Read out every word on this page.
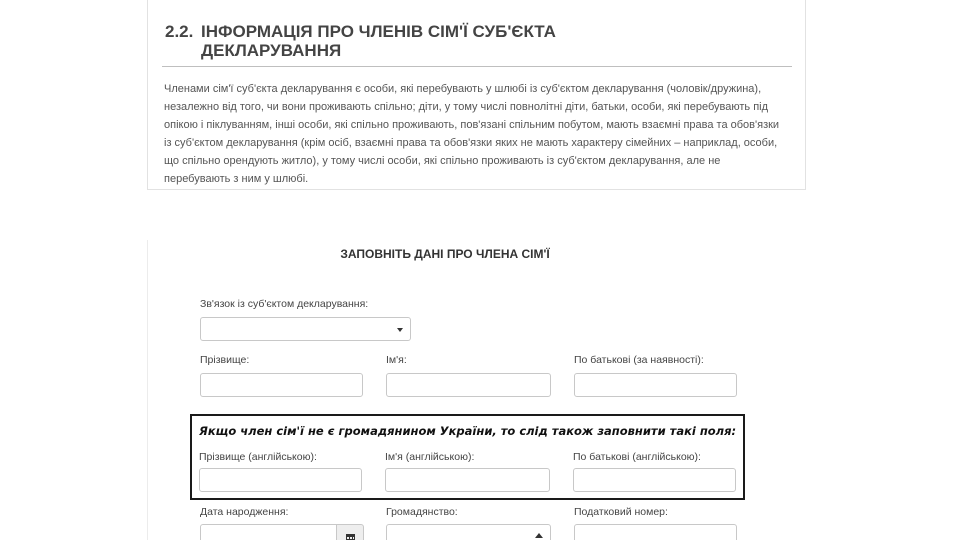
2.2. ІНФОРМАЦІЯ ПРО ЧЛЕНІВ СІМ'Ї СУБ'ЄКТА ДЕКЛАРУВАННЯ

Членами сім'ї суб'єкта декларування є особи, які перебувають у шлюбі із суб'єктом декларування (чоловік/дружина), незалежно від того, чи вони проживають спільно; діти, у тому числі повнолітні діти, батьки, особи, які перебувають під опікою і піклуванням, інші особи, які спільно проживають, пов'язані спільним побутом, мають взаємні права та обов'язки із суб'єктом декларування (крім осіб, взаємні права та обов'язки яких не мають характеру сімейних – наприклад, особи, що спільно орендують житло), у тому числі особи, які спільно проживають із суб'єктом декларування, але не перебувають з ним у шлюбі.

ЗАПОВНІТЬ ДАНІ ПРО ЧЛЕНА СІМ'Ї
Зв'язок із суб'єктом декларування:
Прізвище:	Ім'я:	По батькові (за наявності):
Дата народження:	Громадянство:	Податковий номер:
Якщо член сім'ї не є громадянином України, то слід також заповнити такі поля:
Прізвище (англійською):	Ім'я (англійською):	По батькові (англійською):
